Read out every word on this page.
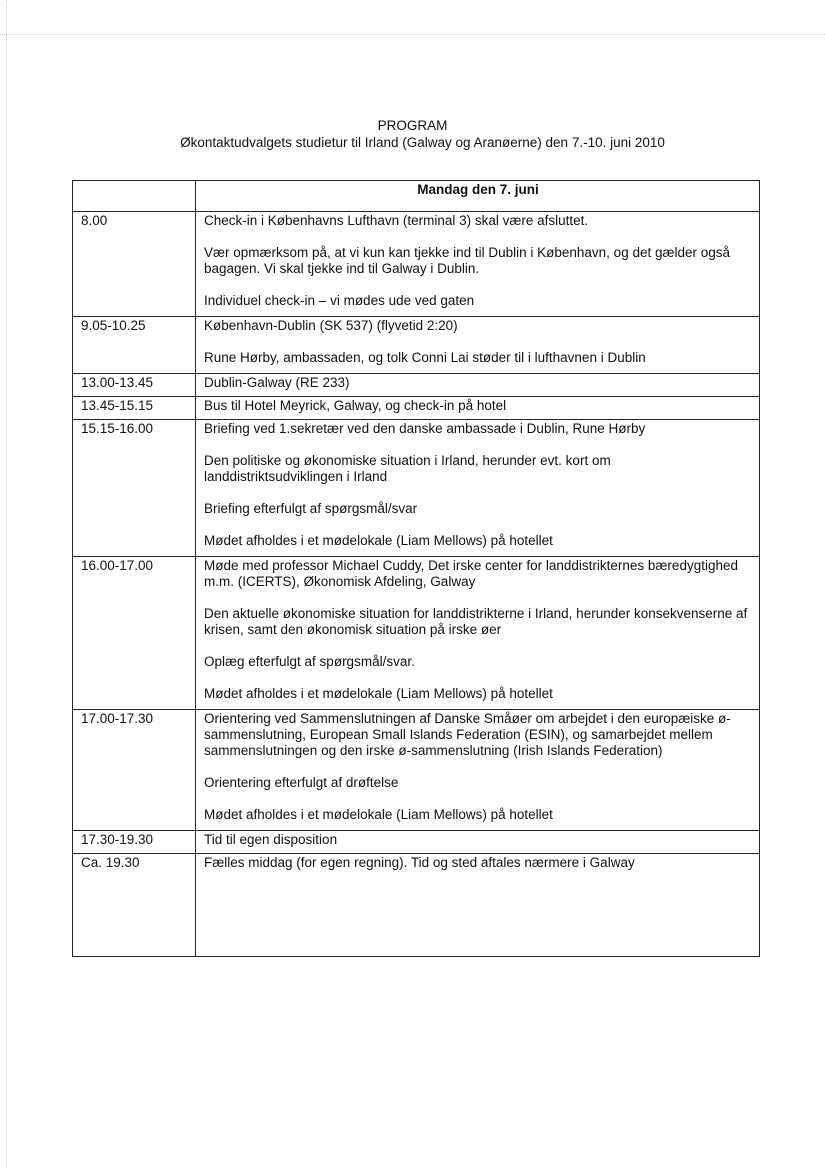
PROGRAM
Økontaktudvalgets studietur til Irland (Galway og Aranøerne) den 7.-10. juni 2010
	Mandag den 7. juni
8.00	Check-in i Københavns Lufthavn (terminal 3) skal være afsluttet.

Vær opmærksom på, at vi kun kan tjekke ind til Dublin i København, og det gælder også bagagen. Vi skal tjekke ind til Galway i Dublin.

Individuel check-in – vi mødes ude ved gaten

9.05-10.25	København-Dublin (SK 537) (flyvetid 2:20)

Rune Hørby, ambassaden, og tolk Conni Lai støder til i lufthavnen i Dublin

13.00-13.45	Dublin-Galway (RE 233)

13.45-15.15	Bus til Hotel Meyrick, Galway, og check-in på hotel

15.15-16.00	Briefing ved 1.sekretær ved den danske ambassade i Dublin, Rune Hørby

Den politiske og økonomiske situation i Irland, herunder evt. kort om landdistriktsudviklingen i Irland

Briefing efterfulgt af spørgsmål/svar

Mødet afholdes i et mødelokale (Liam Mellows) på hotellet

16.00-17.00	Møde med professor Michael Cuddy, Det irske center for landdistrikternes bæredygtighed m.m. (ICERTS), Økonomisk Afdeling, Galway

Den aktuelle økonomiske situation for landdistrikterne i Irland, herunder konsekvenserne af krisen, samt den økonomisk situation på irske øer

Oplæg efterfulgt af spørgsmål/svar.

Mødet afholdes i et mødelokale (Liam Mellows) på hotellet

17.00-17.30	Orientering ved Sammenslutningen af Danske Småøer om arbejdet i den europæiske ø-sammenslutning, European Small Islands Federation (ESIN), og samarbejdet mellem sammenslutningen og den irske ø-sammenslutning (Irish Islands Federation)

Orientering efterfulgt af drøftelse

Mødet afholdes i et mødelokale (Liam Mellows) på hotellet

17.30-19.30	Tid til egen disposition

Ca. 19.30	Fælles middag (for egen regning). Tid og sted aftales nærmere i Galway
